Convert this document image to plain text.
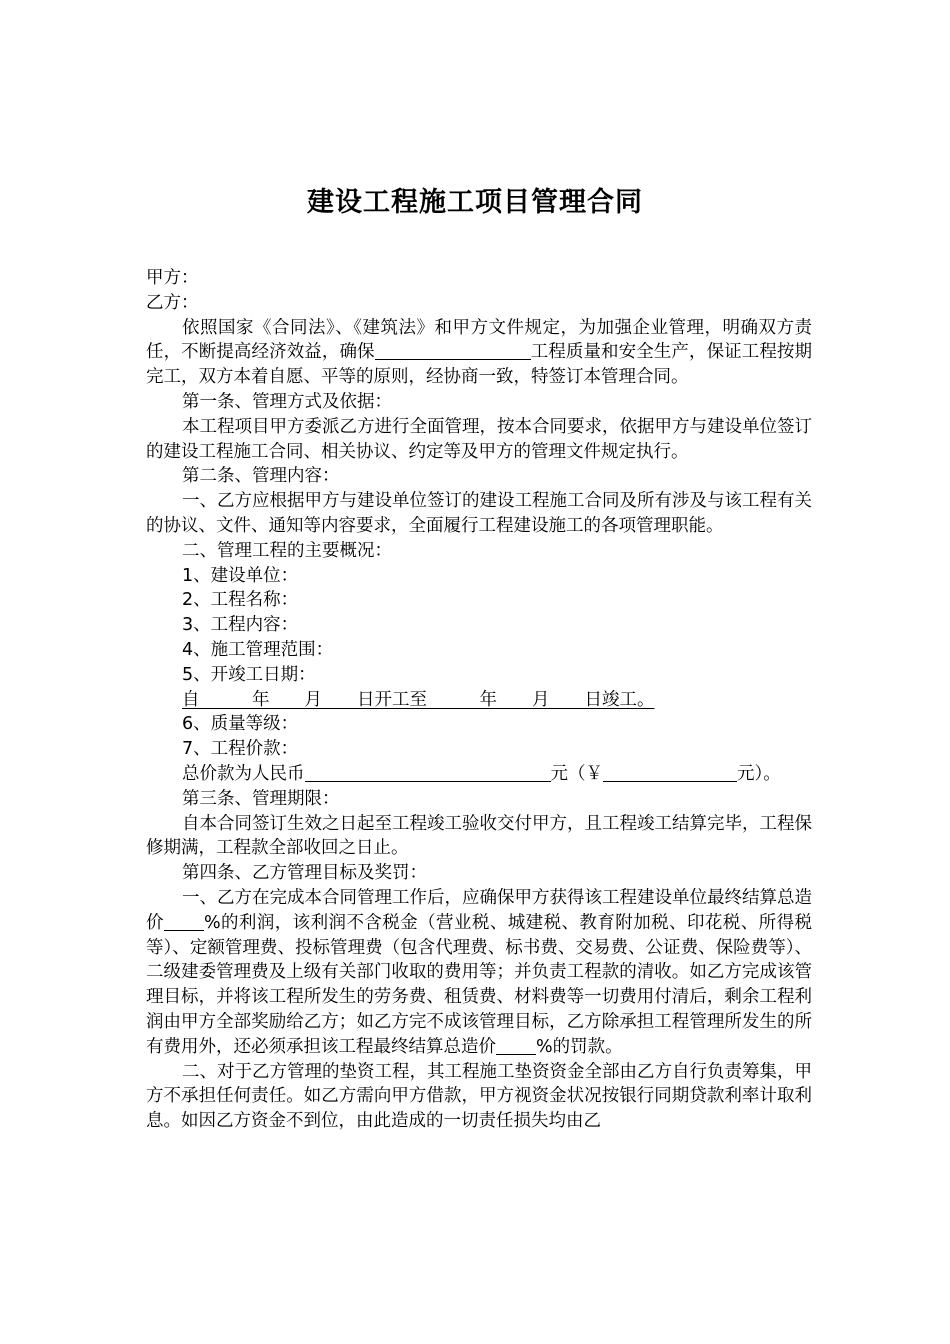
建设工程施工项目管理合同

甲方：

乙方：

依照国家《合同法》、《建筑法》和甲方文件规定，为加强企业管理，明确双方责任，不断提高经济效益，确保	工程质量和安全生产，保证工程按期完工，双方本着自愿、平等的原则，经协商一致，特签订本管理合同。

第一条、管理方式及依据：

本工程项目甲方委派乙方进行全面管理，按本合同要求，依据甲方与建设单位签订的建设工程施工合同、相关协议、约定等及甲方的管理文件规定执行。

第二条、管理内容：

一、乙方应根据甲方与建设单位签订的建设工程施工合同及所有涉及与该工程有关的协议、文件、通知等内容要求，全面履行工程建设施工的各项管理职能。

二、管理工程的主要概况：

1、建设单位：

2、工程名称：

3、工程内容：

4、施工管理范围：

5、开竣工日期：

自　　　年　　月　　日开工至　　　年　　月　　日竣工。

6、质量等级：

7、工程价款：

总价款为人民币	元（￥	元）。

第三条、管理期限：

自本合同签订生效之日起至工程竣工验收交付甲方，且工程竣工结算完毕，工程保修期满，工程款全部收回之日止。

第四条、乙方管理目标及奖罚：

一、乙方在完成本合同管理工作后，应确保甲方获得该工程建设单位最终结算总造价 %的利润，该利润不含税金（营业税、城建税、教育附加税、印花税、所得税等）、定额管理费、投标管理费（包含代理费、标书费、交易费、公证费、保险费等）、二级建委管理费及上级有关部门收取的费用等；并负责工程款的清收。如乙方完成该管理目标，并将该工程所发生的劳务费、租赁费、材料费等一切费用付清后，剩余工程利润由甲方全部奖励给乙方；如乙方完不成该管理目标，乙方除承担工程管理所发生的所有费用外，还必须承担该工程最终结算总造价 %的罚款。

二、对于乙方管理的垫资工程，其工程施工垫资资金全部由乙方自行负责筹集，甲方不承担任何责任。如乙方需向甲方借款，甲方视资金状况按银行同期贷款利率计取利息。如因乙方资金不到位，由此造成的一切责任损失均由乙
